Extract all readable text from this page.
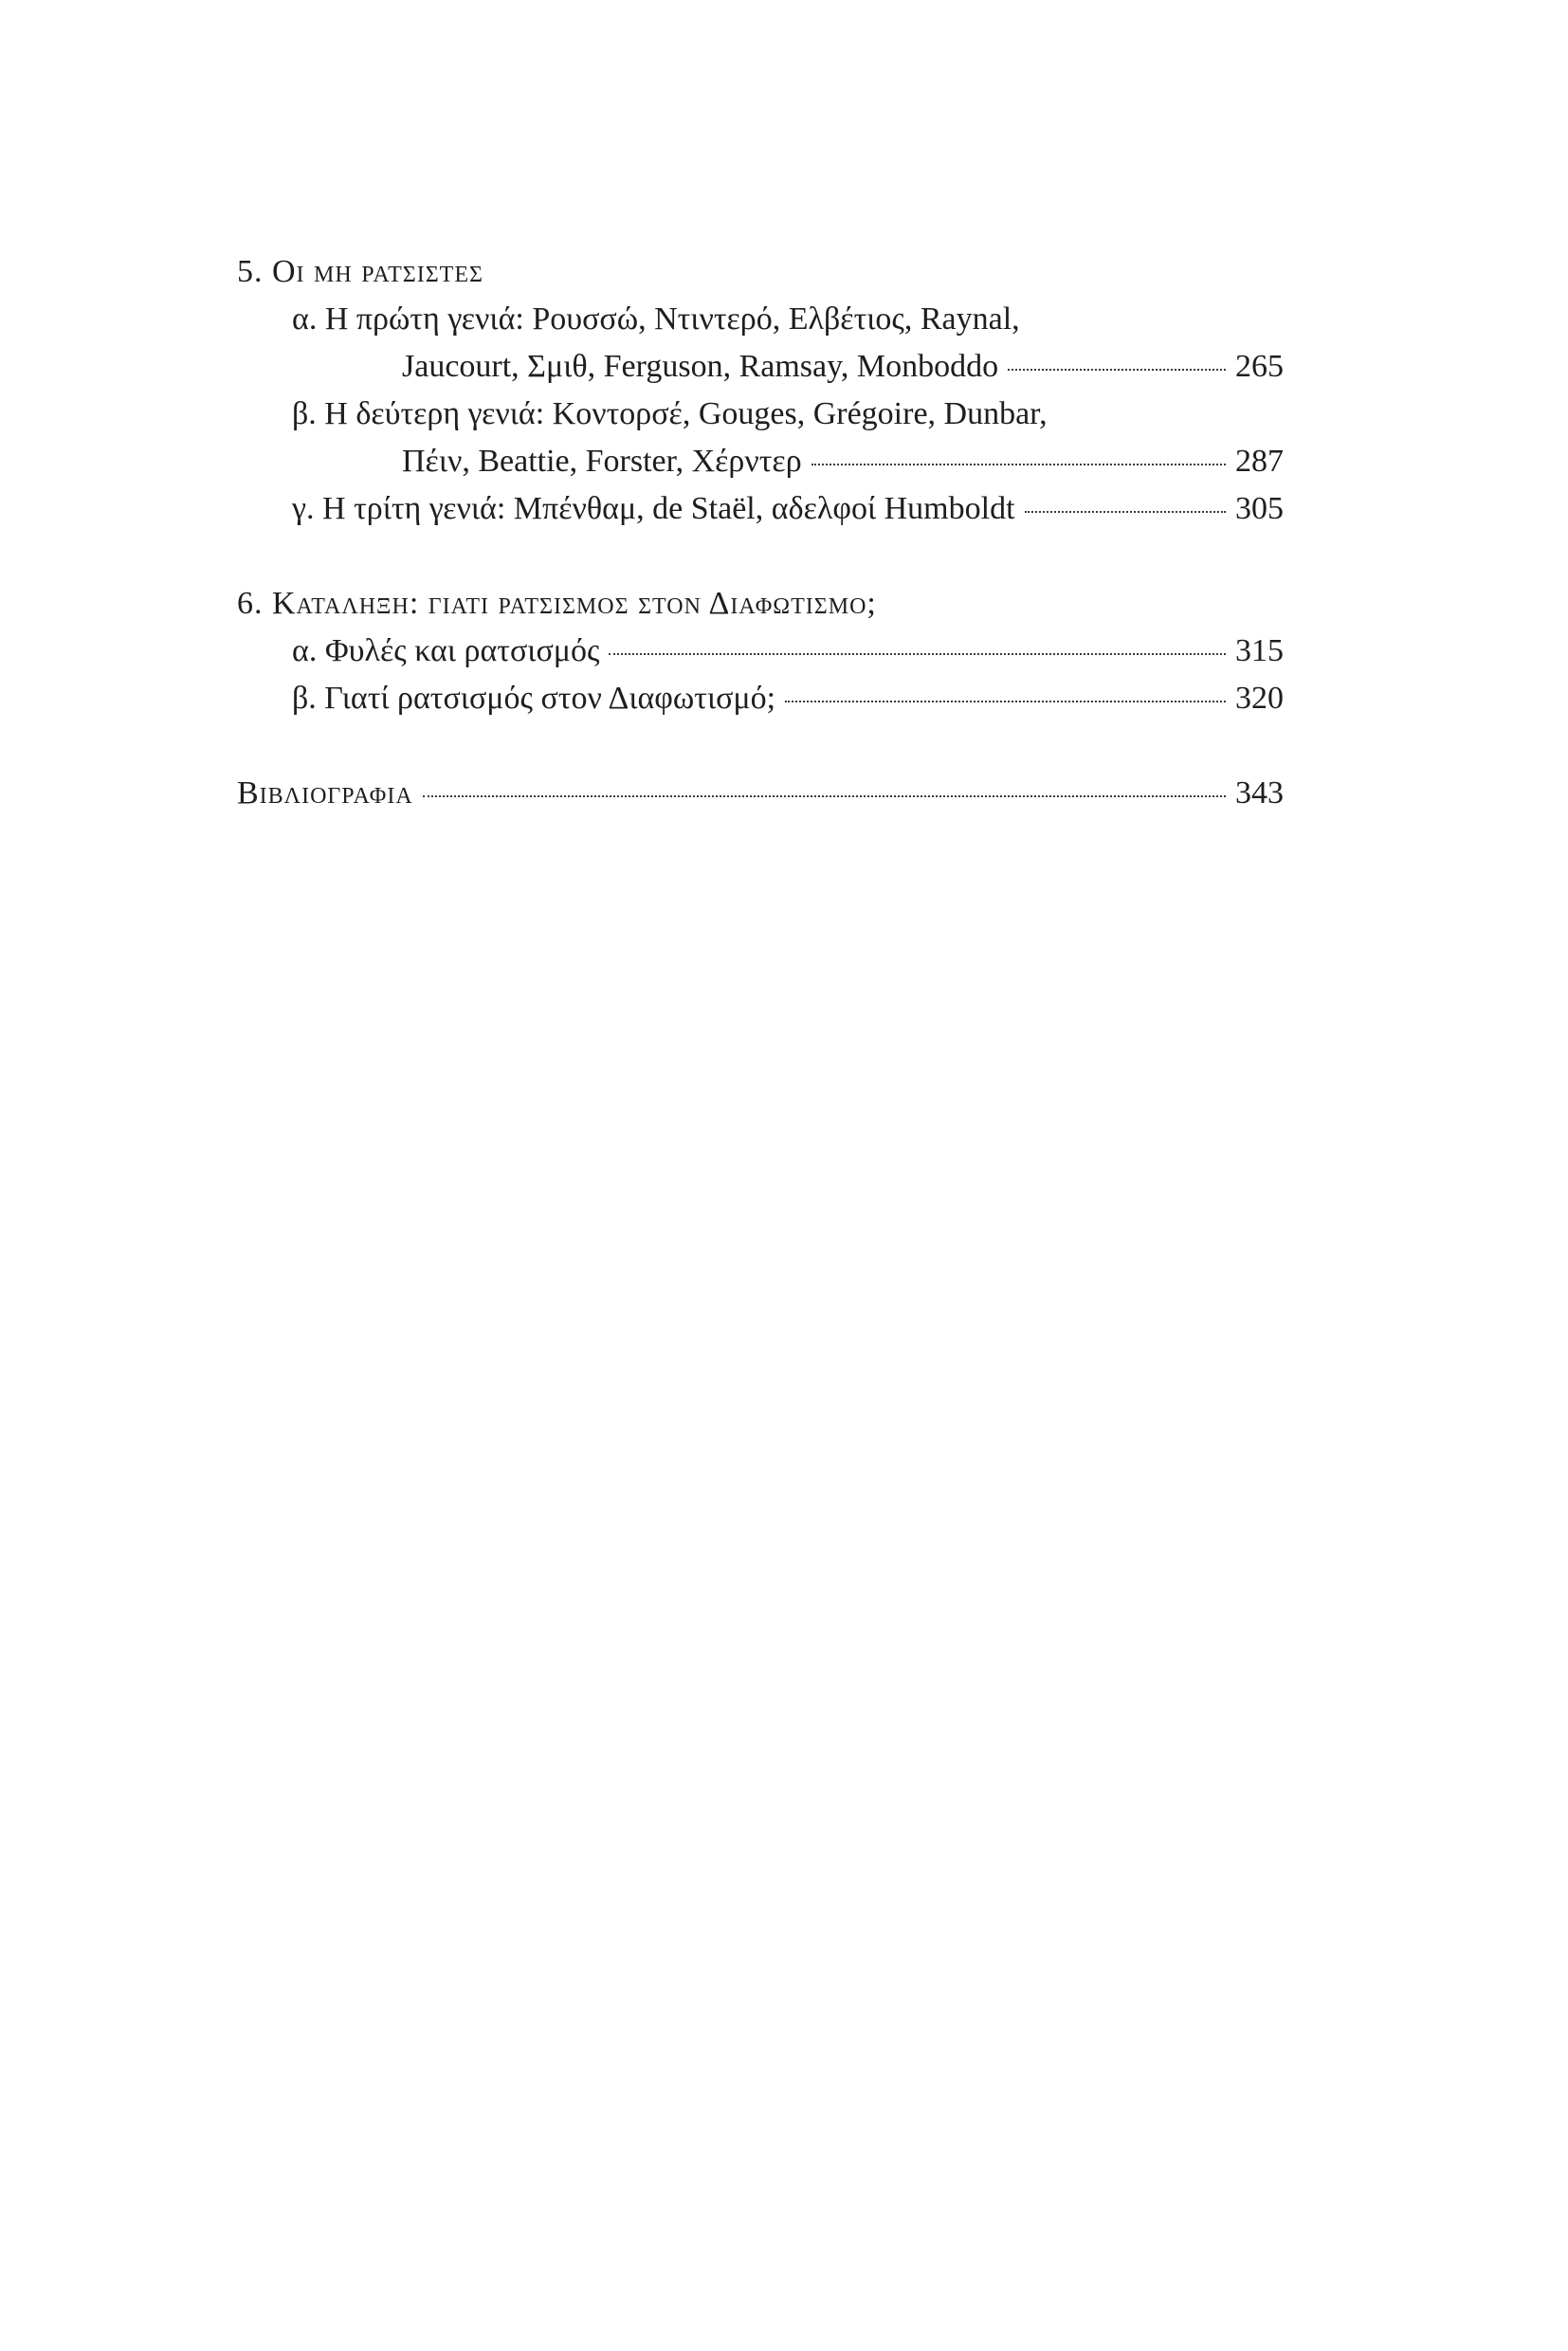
5. Οι μη ρατσιστες
α. Η πρώτη γενιά: Ρουσσώ, Ντιντερό, Ελβέτιος, Raynal,
Jaucourt, Σμιθ, Ferguson, Ramsay, Monboddo	265
β. Η δεύτερη γενιά: Κοντορσέ, Gouges, Grégoire, Dunbar,
Πέιν, Beattie, Forster, Χέρντερ	287
γ. Η τρίτη γενιά: Μπένθαμ, de Staël, αδελφοί Humboldt	305
6. Καταληξη: γιατι ρατσισμος στον Διαφωτισμο;
α. Φυλές και ρατσισμός	315
β. Γιατί ρατσισμός στον Διαφωτισμό;	320
Βιβλιογραφια	343
